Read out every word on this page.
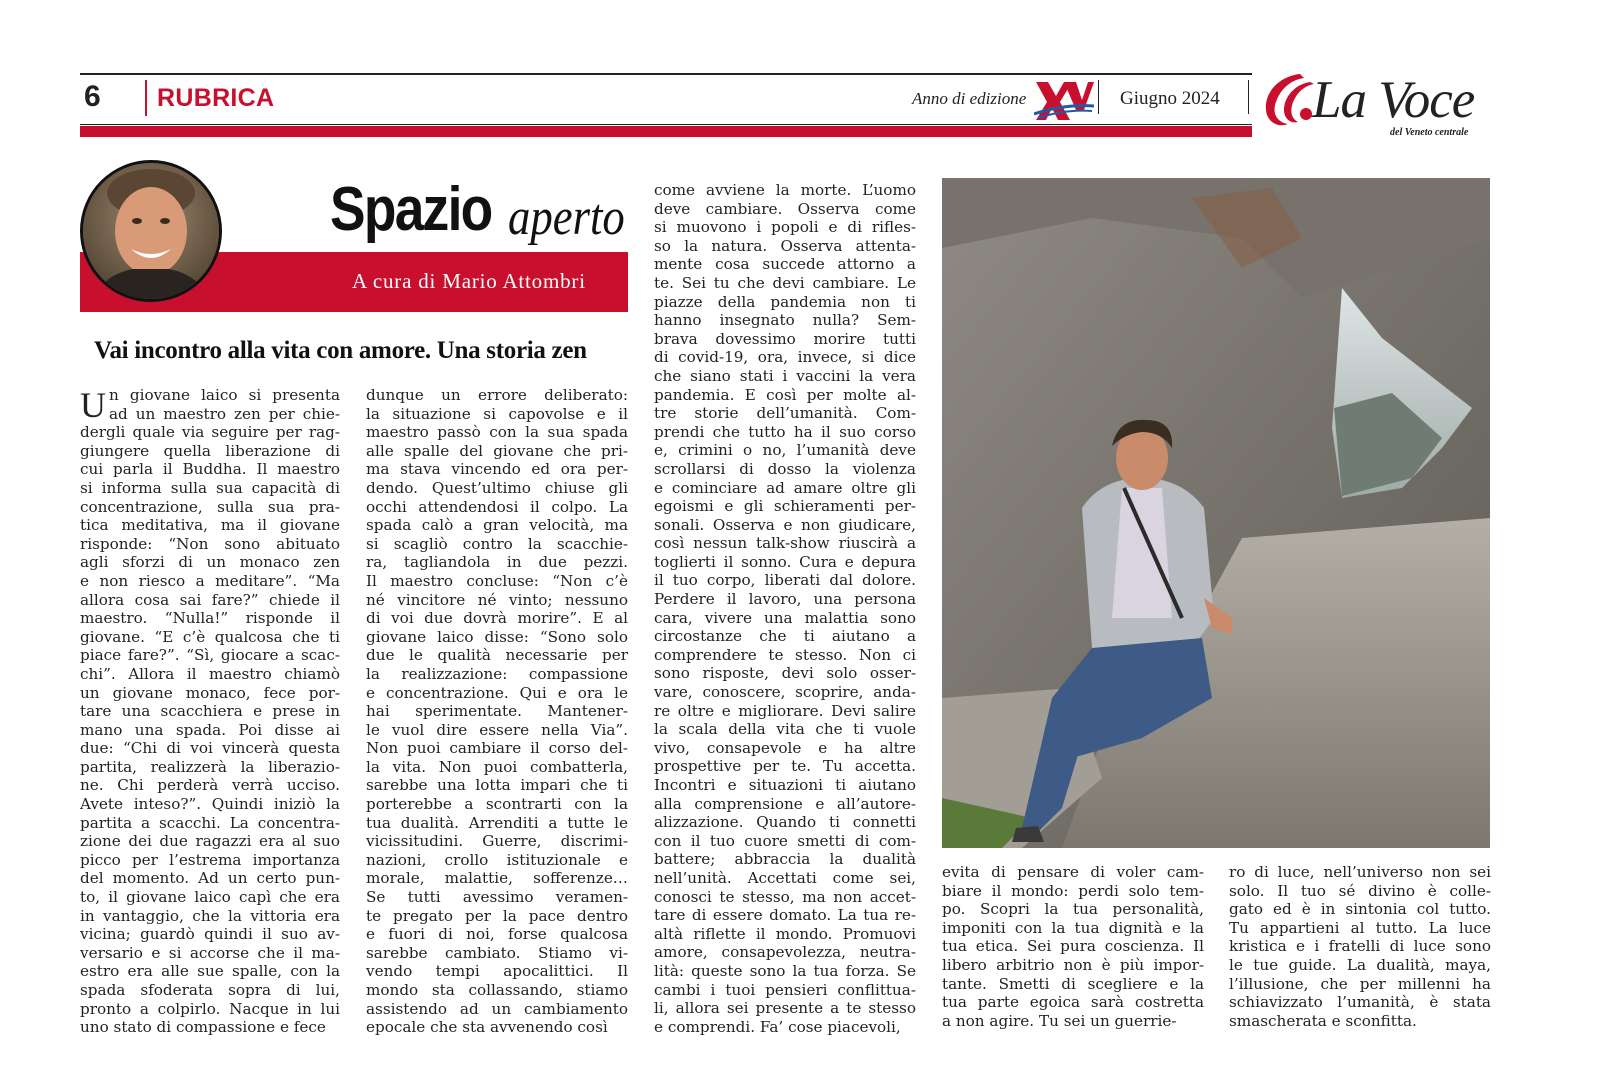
6 RUBRICA	Anno di edizione	Giugno 2024 La Voce
del Veneto centrale
Spazio aperto
A cura di Mario Attombri
Vai incontro alla vita con amore. Una storia zen
U n giovane laico si presenta
ad un maestro zen per chie-
dergli quale via seguire per rag-
giungere quella liberazione di
cui parla il Buddha. Il maestro
si informa sulla sua capacità di
concentrazione, sulla sua pra-
tica meditativa, ma il giovane
risponde: “Non sono abituato
agli sforzi di un monaco zen
e non riesco a meditare”. “Ma
allora cosa sai fare?” chiede il
maestro. “Nulla!” risponde il
giovane. “E c’è qualcosa che ti
piace fare?”. “Sì, giocare a scac-
chi”. Allora il maestro chiamò
un giovane monaco, fece por-
tare una scacchiera e prese in
mano una spada. Poi disse ai
due: “Chi di voi vincerà questa
partita, realizzerà la liberazio-
ne. Chi perderà verrà ucciso.
Avete inteso?”. Quindi iniziò la
partita a scacchi. La concentra-
zione dei due ragazzi era al suo
picco per l’estrema importanza
del momento. Ad un certo pun-
to, il giovane laico capì che era
in vantaggio, che la vittoria era
vicina; guardò quindi il suo av-
versario e si accorse che il ma-
estro era alle sue spalle, con la
spada sfoderata sopra di lui,
pronto a colpirlo. Nacque in lui
uno stato di compassione e fece
dunque un errore deliberato:
la situazione si capovolse e il
maestro passò con la sua spada
alle spalle del giovane che pri-
ma stava vincendo ed ora per-
dendo. Quest’ultimo chiuse gli
occhi attendendosi il colpo. La
spada calò a gran velocità, ma
si scagliò contro la scacchie-
ra, tagliandola in due pezzi.
Il maestro concluse: “Non c’è
né vincitore né vinto; nessuno
di voi due dovrà morire”. E al
giovane laico disse: “Sono solo
due le qualità necessarie per
la realizzazione: compassione
e concentrazione. Qui e ora le
hai sperimentate. Mantener-
le vuol dire essere nella Via”.
Non puoi cambiare il corso del-
la vita. Non puoi combatterla,
sarebbe una lotta impari che ti
porterebbe a scontrarti con la
tua dualità. Arrenditi a tutte le
vicissitudini. Guerre, discrimi-
nazioni, crollo istituzionale e
morale, malattie, sofferenze…
Se tutti avessimo veramen-
te pregato per la pace dentro
e fuori di noi, forse qualcosa
sarebbe cambiato. Stiamo vi-
vendo tempi apocalittici. Il
mondo sta collassando, stiamo
assistendo ad un cambiamento
epocale che sta avvenendo così
come avviene la morte. L’uomo
deve cambiare. Osserva come
si muovono i popoli e di rifles-
so la natura. Osserva attenta-
mente cosa succede attorno a
te. Sei tu che devi cambiare. Le
piazze della pandemia non ti
hanno insegnato nulla? Sem-
brava dovessimo morire tutti
di covid-19, ora, invece, si dice
che siano stati i vaccini la vera
pandemia. E così per molte al-
tre storie dell’umanità. Com-
prendi che tutto ha il suo corso
e, crimini o no, l’umanità deve
scrollarsi di dosso la violenza
e cominciare ad amare oltre gli
egoismi e gli schieramenti per-
sonali. Osserva e non giudicare,
così nessun talk-show riuscirà a
toglierti il sonno. Cura e depura
il tuo corpo, liberati dal dolore.
Perdere il lavoro, una persona
cara, vivere una malattia sono
circostanze che ti aiutano a
comprendere te stesso. Non ci
sono risposte, devi solo osser-
vare, conoscere, scoprire, anda-
re oltre e migliorare. Devi salire
la scala della vita che ti vuole
vivo, consapevole e ha altre
prospettive per te. Tu accetta.
Incontri e situazioni ti aiutano
alla comprensione e all’autore-
alizzazione. Quando ti connetti
con il tuo cuore smetti di com-
battere; abbraccia la dualità
nell’unità. Accettati come sei,
conosci te stesso, ma non accet-
tare di essere domato. La tua re-
altà riflette il mondo. Promuovi
amore, consapevolezza, neutra-
lità: queste sono la tua forza. Se
cambi i tuoi pensieri conflittua-
li, allora sei presente a te stesso
e comprendi. Fa’ cose piacevoli,
evita di pensare di voler cam-
biare il mondo: perdi solo tem-
po. Scopri la tua personalità,
imponiti con la tua dignità e la
tua etica. Sei pura coscienza. Il
libero arbitrio non è più impor-
tante. Smetti di scegliere e la
tua parte egoica sarà costretta
a non agire. Tu sei un guerrie-
ro di luce, nell’universo non sei
solo. Il tuo sé divino è colle-
gato ed è in sintonia col tutto.
Tu appartieni al tutto. La luce
kristica e i fratelli di luce sono
le tue guide. La dualità, maya,
l’illusione, che per millenni ha
schiavizzato l’umanità, è stata
smascherata e sconfitta.
